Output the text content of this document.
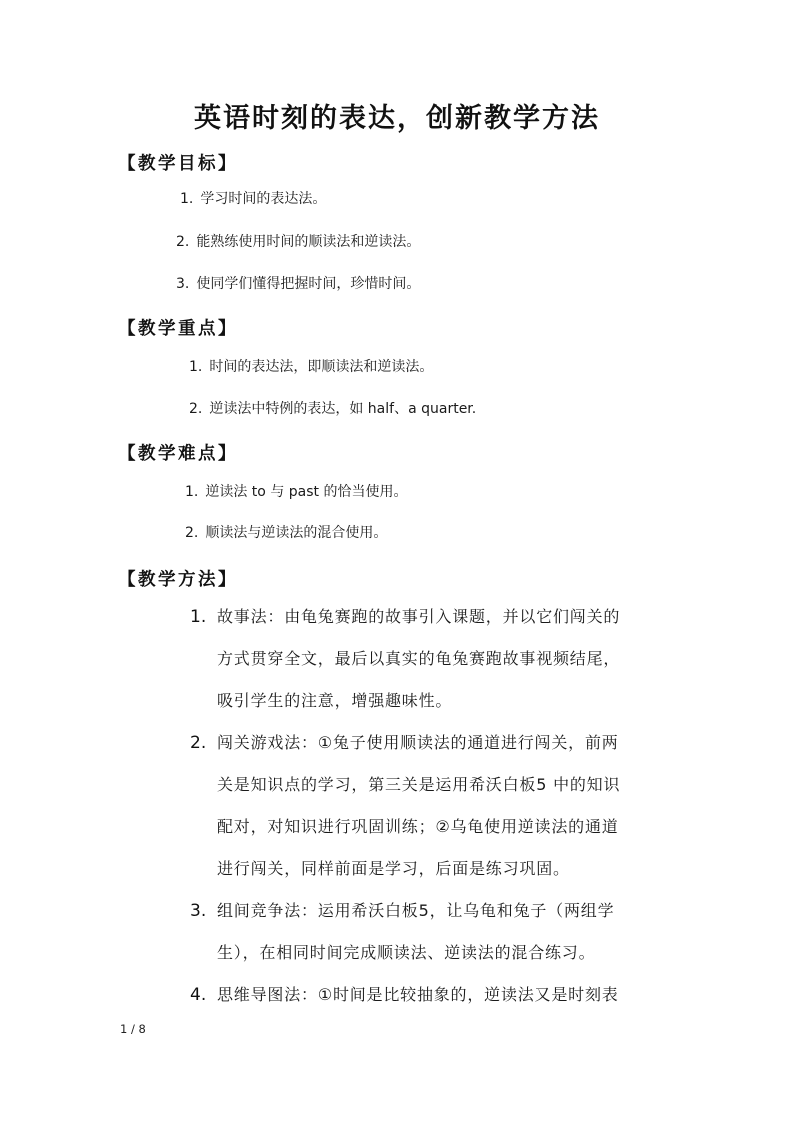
英语时刻的表达，创新教学方法
【教学目标】
1. 学习时间的表达法。
2. 能熟练使用时间的顺读法和逆读法。
3. 使同学们懂得把握时间，珍惜时间。
【教学重点】
1. 时间的表达法，即顺读法和逆读法。
2. 逆读法中特例的表达，如 half、a quarter.
【教学难点】
1. 逆读法 to 与 past 的恰当使用。
2. 顺读法与逆读法的混合使用。
【教学方法】
1. 故事法：由龟兔赛跑的故事引入课题，并以它们闯关的
方式贯穿全文，最后以真实的龟兔赛跑故事视频结尾，
吸引学生的注意，增强趣味性。
2. 闯关游戏法：①兔子使用顺读法的通道进行闯关，前两
关是知识点的学习，第三关是运用希沃白板5 中的知识
配对，对知识进行巩固训练；②乌龟使用逆读法的通道
进行闯关，同样前面是学习，后面是练习巩固。
3. 组间竞争法：运用希沃白板5，让乌龟和兔子（两组学
生），在相同时间完成顺读法、逆读法的混合练习。
4. 思维导图法：①时间是比较抽象的，逆读法又是时刻表
1 / 8
